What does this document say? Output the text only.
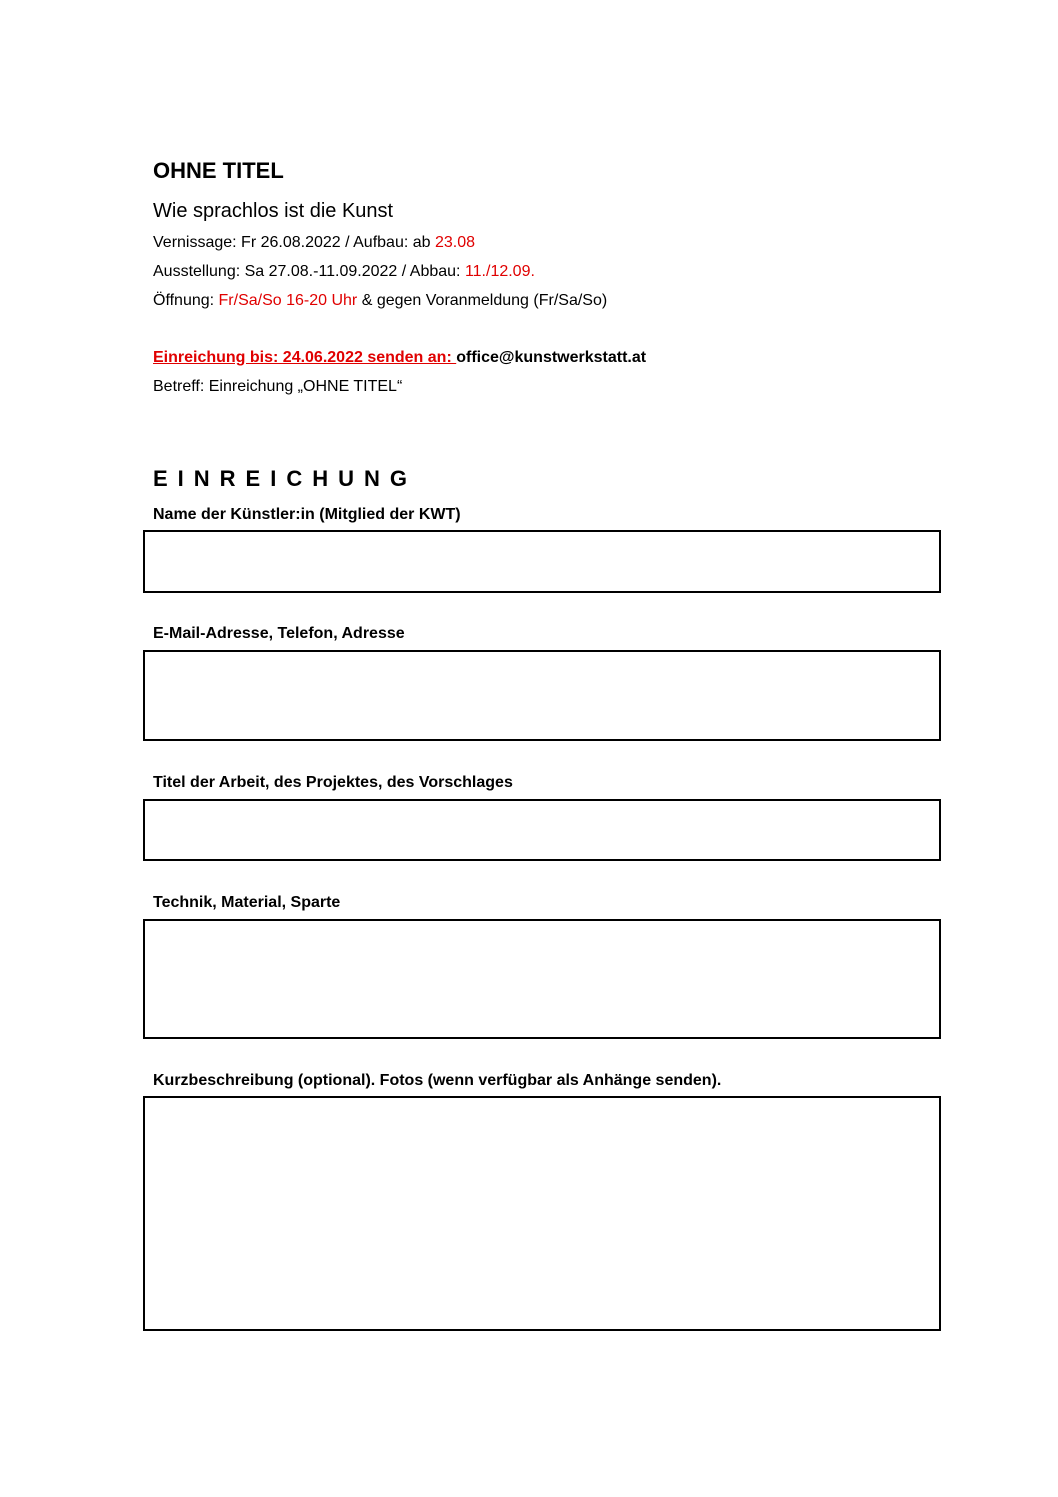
OHNE TITEL
Wie sprachlos ist die Kunst
Vernissage: Fr 26.08.2022 / Aufbau: ab 23.08
Ausstellung: Sa 27.08.-11.09.2022 / Abbau: 11./12.09.
Öffnung: Fr/Sa/So 16-20 Uhr & gegen Voranmeldung (Fr/Sa/So)
Einreichung bis: 24.06.2022 senden an: office@kunstwerkstatt.at
Betreff: Einreichung „OHNE TITEL“
EINREICHUNG
Name der Künstler:in (Mitglied der KWT)
E-Mail-Adresse, Telefon, Adresse
Titel der Arbeit, des Projektes, des Vorschlages
Technik, Material, Sparte
Kurzbeschreibung (optional). Fotos (wenn verfügbar als Anhänge senden).
